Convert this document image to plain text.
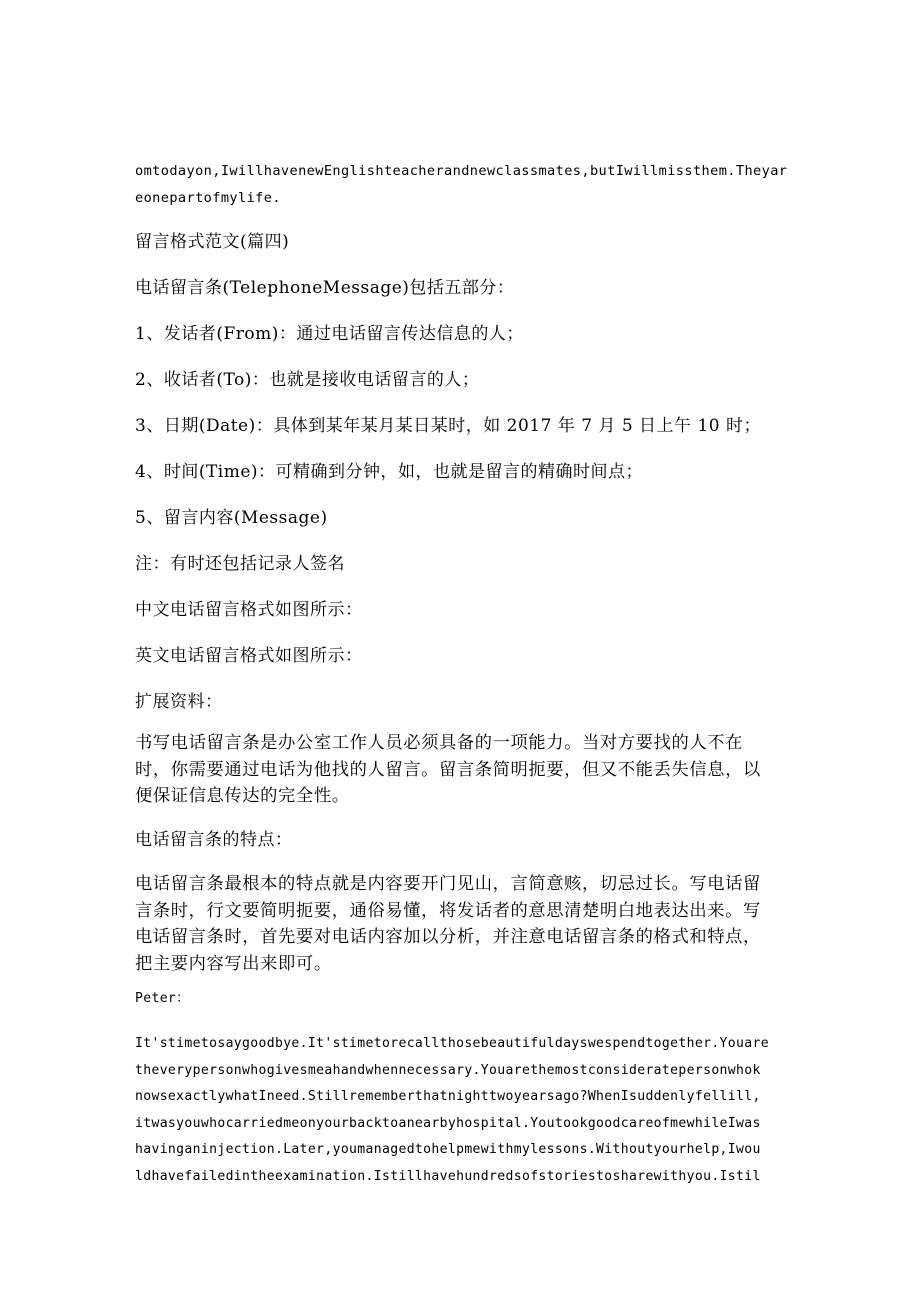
omtodayon,IwillhavenewEnglishteacherandnewclassmates,butIwillmissthem.Theyar
eonepartofmylife.

留言格式范文(篇四)

电话留言条(TelephoneMessage)包括五部分：

1、发话者(From)：通过电话留言传达信息的人；

2、收话者(To)：也就是接收电话留言的人；

3、日期(Date)：具体到某年某月某日某时，如 2017 年 7 月 5 日上午 10 时；

4、时间(Time)：可精确到分钟，如，也就是留言的精确时间点；

5、留言内容(Message)

注：有时还包括记录人签名

中文电话留言格式如图所示：

英文电话留言格式如图所示：

扩展资料：

书写电话留言条是办公室工作人员必须具备的一项能力。当对方要找的人不在
时，你需要通过电话为他找的人留言。留言条简明扼要，但又不能丢失信息，以
便保证信息传达的完全性。

电话留言条的特点：

电话留言条最根本的特点就是内容要开门见山，言简意赅，切忌过长。写电话留
言条时，行文要简明扼要，通俗易懂，将发话者的意思清楚明白地表达出来。写
电话留言条时，首先要对电话内容加以分析，并注意电话留言条的格式和特点，
把主要内容写出来即可。

Peter：

It'stimetosaygoodbye.It'stimetorecallthosebeautifuldayswespendtogether.Youare
theverypersonwhogivesmeahandwhennecessary.Youarethemostconsideratepersonwhok
nowsexactlywhatIneed.Stillrememberthatnighttwoyearsago?WhenIsuddenlyfellill,
itwasyouwhocarriedmeonyourbacktoanearbyhospital.YoutookgoodcareofmewhileIwas
havinganinjection.Later,youmanagedtohelpmewithmylessons.Withoutyourhelp,Iwou
ldhavefailedintheexamination.Istillhavehundredsofstoriestosharewithyou.Istil
